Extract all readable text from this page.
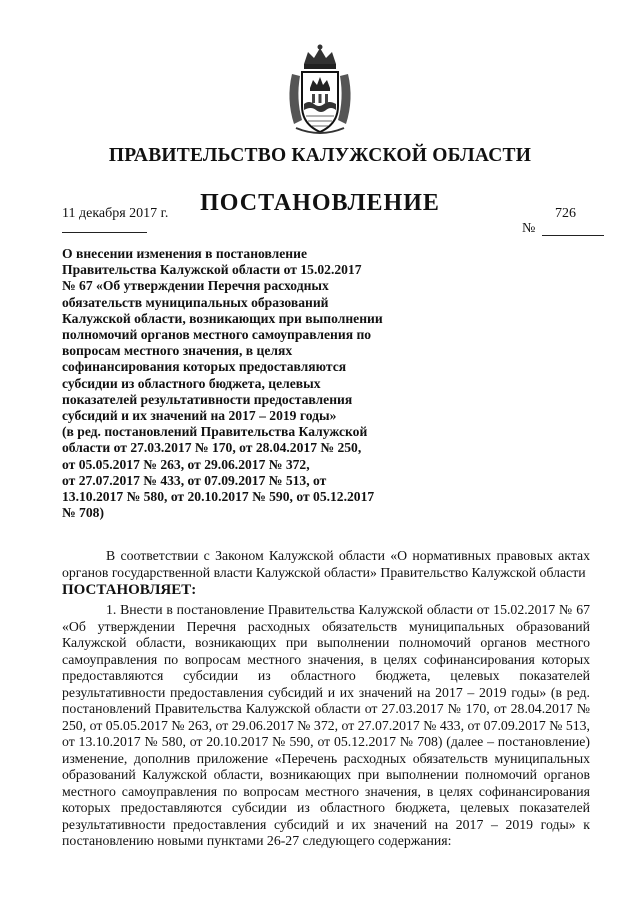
ПРАВИТЕЛЬСТВО КАЛУЖСКОЙ ОБЛАСТИ
11 декабря 2017 г.	ПОСТАНОВЛЕНИЕ	726
№
О внесении изменения в постановление
Правительства Калужской области от 15.02.2017
№ 67 «Об утверждении Перечня расходных
обязательств муниципальных образований
Калужской области, возникающих при выполнении
полномочий органов местного самоуправления по
вопросам местного значения, в целях
софинансирования которых предоставляются
субсидии из областного бюджета, целевых
показателей результативности предоставления
субсидий и их значений на 2017 – 2019 годы»
(в ред. постановлений Правительства Калужской
области от 27.03.2017 № 170, от 28.04.2017 № 250,
от 05.05.2017 № 263, от 29.06.2017 № 372,
от 27.07.2017 № 433, от 07.09.2017 № 513, от
13.10.2017 № 580, от 20.10.2017 № 590, от 05.12.2017
№ 708)
В соответствии с Законом Калужской области «О нормативных правовых актах органов государственной власти Калужской области» Правительство Калужской области
ПОСТАНОВЛЯЕТ:
1. Внести в постановление Правительства Калужской области от 15.02.2017 № 67 «Об утверждении Перечня расходных обязательств муниципальных образований Калужской области, возникающих при выполнении полномочий органов местного самоуправления по вопросам местного значения, в целях софинансирования которых предоставляются субсидии из областного бюджета, целевых показателей результативности предоставления субсидий и их значений на 2017 – 2019 годы» (в ред. постановлений Правительства Калужской области от 27.03.2017 № 170, от 28.04.2017 № 250, от 05.05.2017 № 263, от 29.06.2017 № 372, от 27.07.2017 № 433, от 07.09.2017 № 513, от 13.10.2017 № 580, от 20.10.2017 № 590, от 05.12.2017 № 708) (далее – постановление) изменение, дополнив приложение «Перечень расходных обязательств муниципальных образований Калужской области, возникающих при выполнении полномочий органов местного самоуправления по вопросам местного значения, в целях софинансирования которых предоставляются субсидии из областного бюджета, целевых показателей результативности предоставления субсидий и их значений на 2017 – 2019 годы» к постановлению новыми пунктами 26-27 следующего содержания:
